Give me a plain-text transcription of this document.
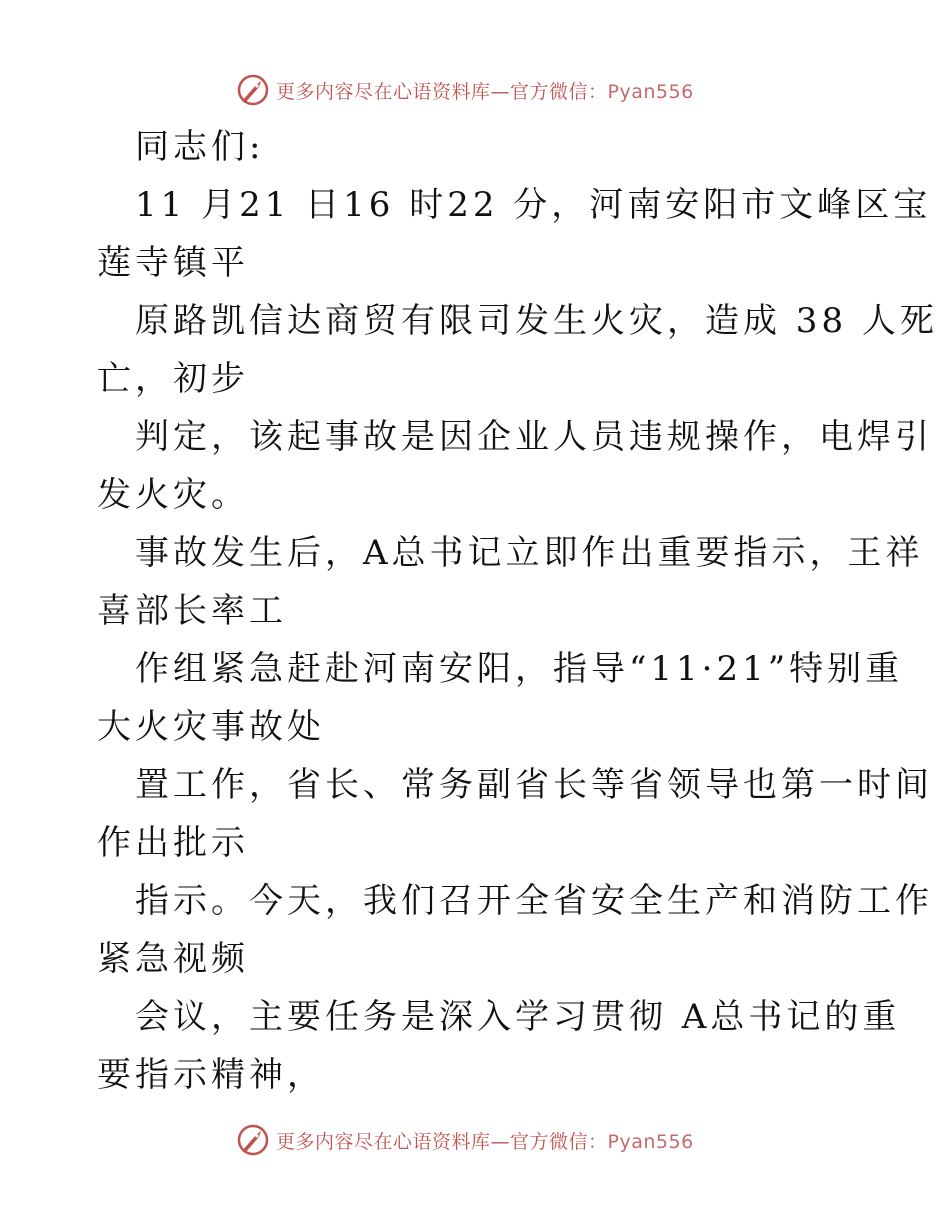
更多内容尽在心语资料库—官方微信：Pyan556
同志们:
11 月21 日16 时22 分，河南安阳市文峰区宝
莲寺镇平
原路凯信达商贸有限司发生火灾，造成 38 人死
亡，初步
判定，该起事故是因企业人员违规操作，电焊引
发火灾。
事故发生后，A总书记立即作出重要指示，王祥
喜部长率工
作组紧急赶赴河南安阳，指导“11·21”特别重
大火灾事故处
置工作，省长、常务副省长等省领导也第一时间
作出批示
指示。今天，我们召开全省安全生产和消防工作
紧急视频
会议，主要任务是深入学习贯彻 A总书记的重
要指示精神，
更多内容尽在心语资料库—官方微信：Pyan556
